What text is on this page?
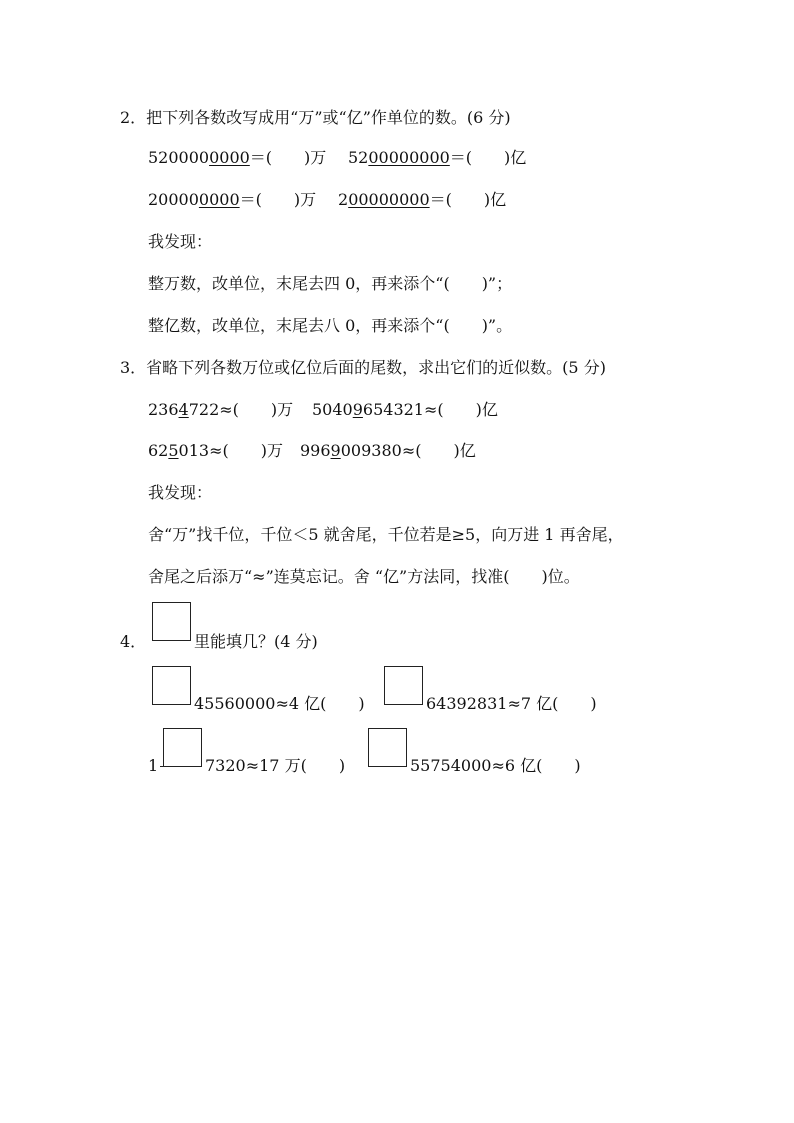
2．把下列各数改写成用“万”或“亿”作单位的数。(6 分)
5200000000＝(　　)万 5200000000＝(　　)亿
200000000＝(　　)万 200000000＝(　　)亿
我发现：
整万数，改单位，末尾去四 0，再来添个“(　　)”；
整亿数，改单位，末尾去八 0，再来添个“(　　)”。
3．省略下列各数万位或亿位后面的尾数，求出它们的近似数。(5 分)
2364722≈(　　)万 50409654321≈(　　)亿
625013≈(　　)万 9969009380≈(　　)亿
我发现：
舍“万”找千位，千位＜5 就舍尾，千位若是≥5，向万进 1 再舍尾，
舍尾之后添万“≈”连莫忘记。舍 “亿”方法同，找准(　　)位。
4．	里能填几？(4 分)
45560000≈4 亿(　　)	64392831≈7 亿(　　)
1	7320≈17 万(　　)	55754000≈6 亿(　　)
